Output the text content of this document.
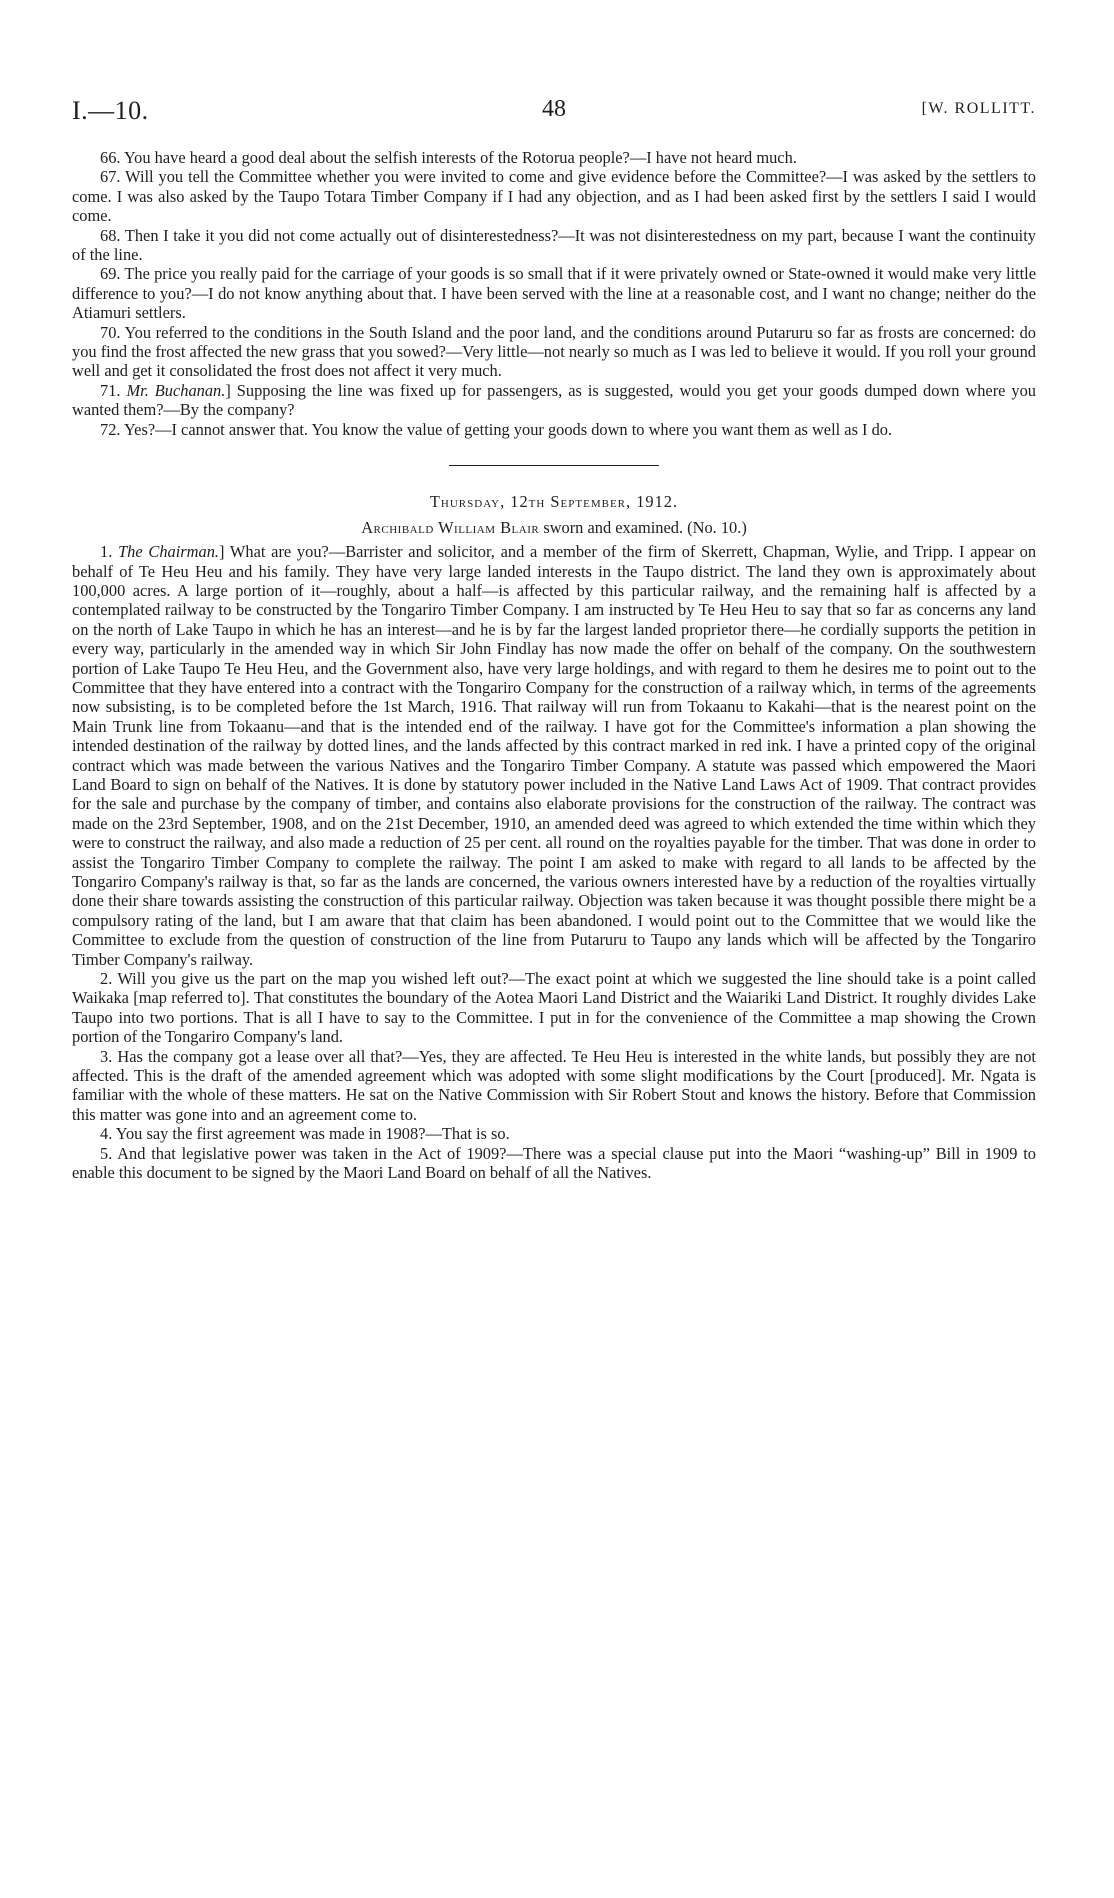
I.—10.	48	[W. ROLLITT.

66. You have heard a good deal about the selfish interests of the Rotorua people?—I have not heard much.

67. Will you tell the Committee whether you were invited to come and give evidence before the Committee?—I was asked by the settlers to come. I was also asked by the Taupo Totara Timber Company if I had any objection, and as I had been asked first by the settlers I said I would come.

68. Then I take it you did not come actually out of disinterestedness?—It was not disinterestedness on my part, because I want the continuity of the line.

69. The price you really paid for the carriage of your goods is so small that if it were privately owned or State-owned it would make very little difference to you?—I do not know anything about that. I have been served with the line at a reasonable cost, and I want no change; neither do the Atiamuri settlers.

70. You referred to the conditions in the South Island and the poor land, and the conditions around Putaruru so far as frosts are concerned: do you find the frost affected the new grass that you sowed?—Very little—not nearly so much as I was led to believe it would. If you roll your ground well and get it consolidated the frost does not affect it very much.

71. Mr. Buchanan.] Supposing the line was fixed up for passengers, as is suggested, would you get your goods dumped down where you wanted them?—By the company?

72. Yes?—I cannot answer that. You know the value of getting your goods down to where you want them as well as I do.

Thursday, 12th September, 1912.

Archibald William Blair sworn and examined. (No. 10.)

1. The Chairman.] What are you?—Barrister and solicitor, and a member of the firm of Skerrett, Chapman, Wylie, and Tripp. I appear on behalf of Te Heu Heu and his family. They have very large landed interests in the Taupo district. The land they own is approximately about 100,000 acres. A large portion of it—roughly, about a half—is affected by this particular railway, and the remaining half is affected by a contemplated railway to be constructed by the Tongariro Timber Company. I am instructed by Te Heu Heu to say that so far as concerns any land on the north of Lake Taupo in which he has an interest—and he is by far the largest landed proprietor there—he cordially supports the petition in every way, particularly in the amended way in which Sir John Findlay has now made the offer on behalf of the company. On the southwestern portion of Lake Taupo Te Heu Heu, and the Government also, have very large holdings, and with regard to them he desires me to point out to the Committee that they have entered into a contract with the Tongariro Company for the construction of a railway which, in terms of the agreements now subsisting, is to be completed before the 1st March, 1916. That railway will run from Tokaanu to Kakahi—that is the nearest point on the Main Trunk line from Tokaanu—and that is the intended end of the railway. I have got for the Committee's information a plan showing the intended destination of the railway by dotted lines, and the lands affected by this contract marked in red ink. I have a printed copy of the original contract which was made between the various Natives and the Tongariro Timber Company. A statute was passed which empowered the Maori Land Board to sign on behalf of the Natives. It is done by statutory power included in the Native Land Laws Act of 1909. That contract provides for the sale and purchase by the company of timber, and contains also elaborate provisions for the construction of the railway. The contract was made on the 23rd September, 1908, and on the 21st December, 1910, an amended deed was agreed to which extended the time within which they were to construct the railway, and also made a reduction of 25 per cent. all round on the royalties payable for the timber. That was done in order to assist the Tongariro Timber Company to complete the railway. The point I am asked to make with regard to all lands to be affected by the Tongariro Company's railway is that, so far as the lands are concerned, the various owners interested have by a reduction of the royalties virtually done their share towards assisting the construction of this particular railway. Objection was taken because it was thought possible there might be a compulsory rating of the land, but I am aware that that claim has been abandoned. I would point out to the Committee that we would like the Committee to exclude from the question of construction of the line from Putaruru to Taupo any lands which will be affected by the Tongariro Timber Company's railway.

2. Will you give us the part on the map you wished left out?—The exact point at which we suggested the line should take is a point called Waikaka [map referred to]. That constitutes the boundary of the Aotea Maori Land District and the Waiariki Land District. It roughly divides Lake Taupo into two portions. That is all I have to say to the Committee. I put in for the convenience of the Committee a map showing the Crown portion of the Tongariro Company's land.

3. Has the company got a lease over all that?—Yes, they are affected. Te Heu Heu is interested in the white lands, but possibly they are not affected. This is the draft of the amended agreement which was adopted with some slight modifications by the Court [produced]. Mr. Ngata is familiar with the whole of these matters. He sat on the Native Commission with Sir Robert Stout and knows the history. Before that Commission this matter was gone into and an agreement come to.

4. You say the first agreement was made in 1908?—That is so.

5. And that legislative power was taken in the Act of 1909?—There was a special clause put into the Maori “washing-up” Bill in 1909 to enable this document to be signed by the Maori Land Board on behalf of all the Natives.
